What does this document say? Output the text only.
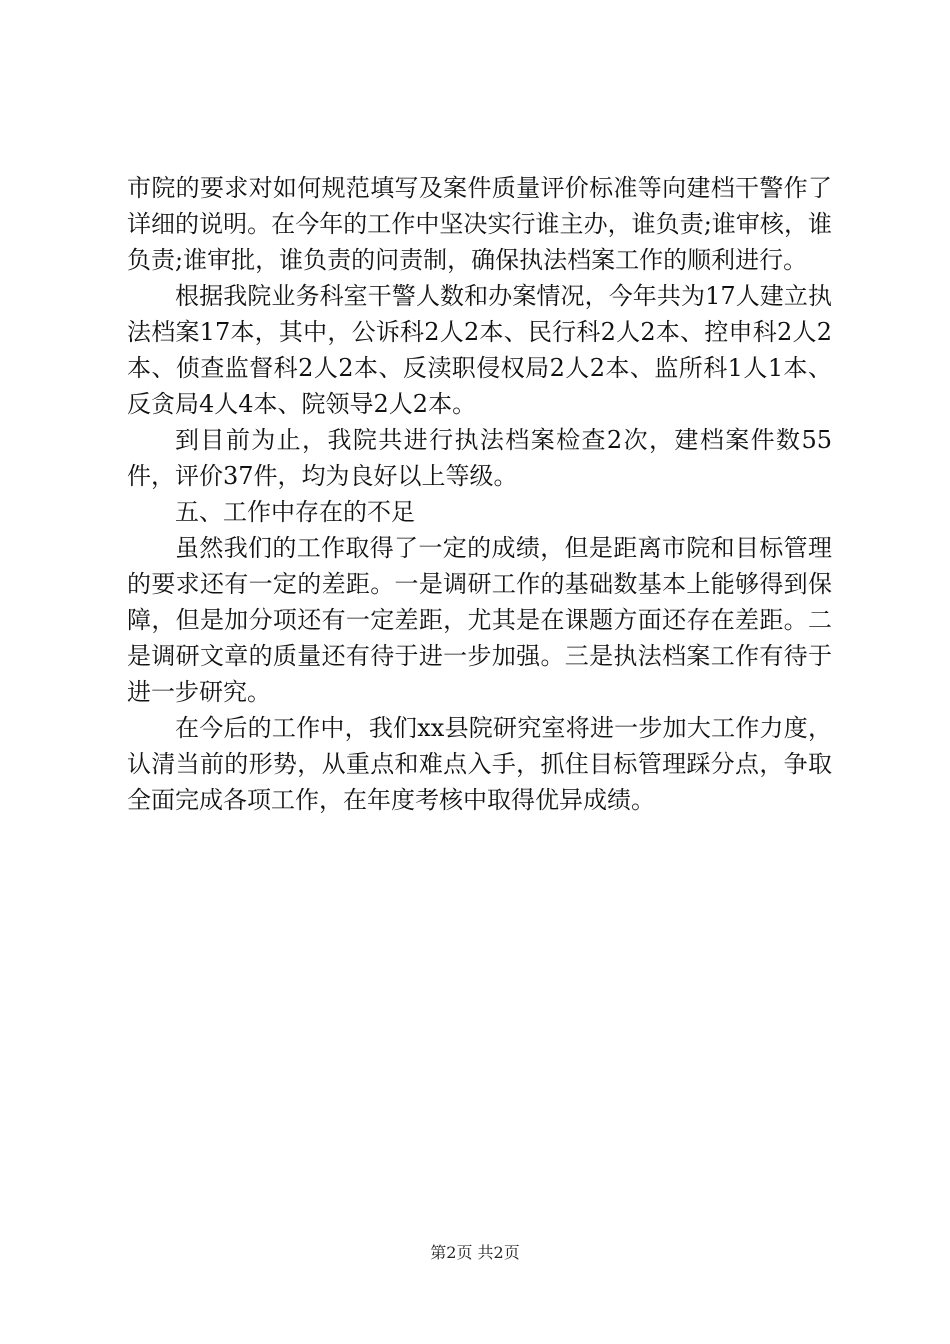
市院的要求对如何规范填写及案件质量评价标准等向建档干警作了详细的说明。在今年的工作中坚决实行谁主办，谁负责;谁审核，谁负责;谁审批，谁负责的问责制，确保执法档案工作的顺利进行。

根据我院业务科室干警人数和办案情况，今年共为17人建立执法档案17本，其中，公诉科2人2本、民行科2人2本、控申科2人2本、侦查监督科2人2本、反渎职侵权局2人2本、监所科1人1本、反贪局4人4本、院领导2人2本。

到目前为止，我院共进行执法档案检查2次，建档案件数55件，评价37件，均为良好以上等级。

五、工作中存在的不足

虽然我们的工作取得了一定的成绩，但是距离市院和目标管理的要求还有一定的差距。一是调研工作的基础数基本上能够得到保障，但是加分项还有一定差距，尤其是在课题方面还存在差距。二是调研文章的质量还有待于进一步加强。三是执法档案工作有待于进一步研究。

在今后的工作中，我们xx县院研究室将进一步加大工作力度，认清当前的形势，从重点和难点入手，抓住目标管理踩分点，争取全面完成各项工作，在年度考核中取得优异成绩。

第2页 共2页
